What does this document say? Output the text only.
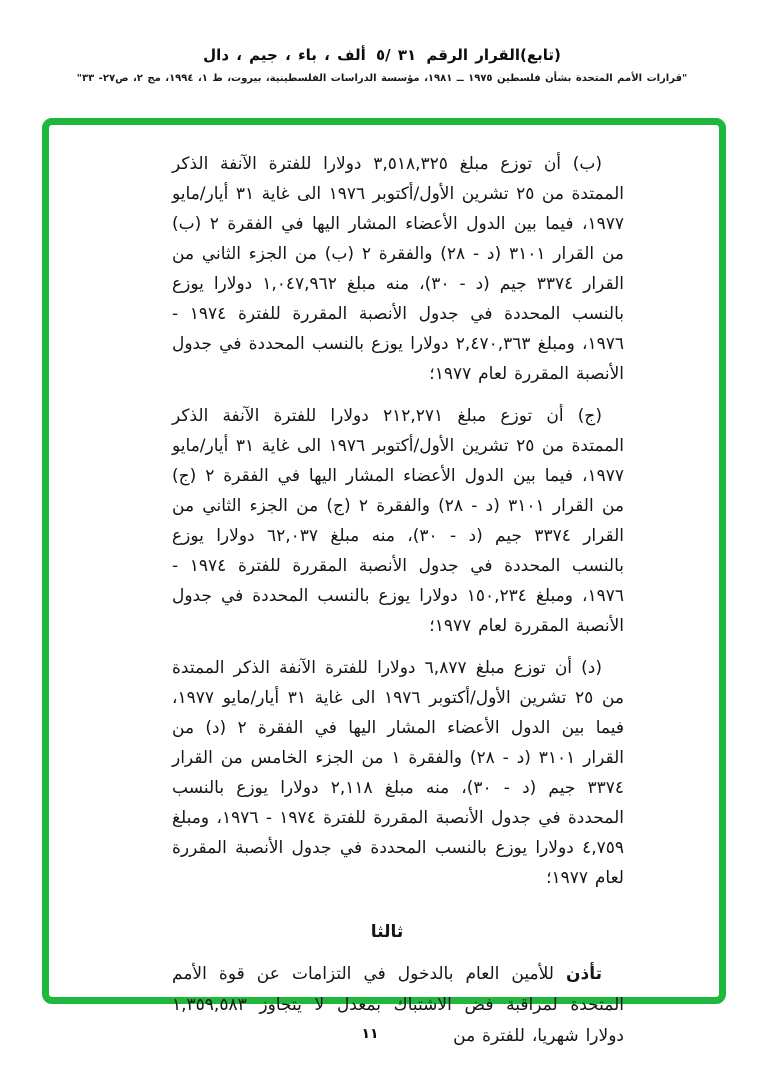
(تابع)القرار الرقم ٣١ /٥ ألف ، باء ، جيم ، دال
"قرارات الأمم المتحدة بشأن فلسطين ١٩٧٥ ــ ١٩٨١، مؤسسة الدراسات الفلسطينية، بيروت، ط ١، ١٩٩٤، مج ٢، ص٢٧- ٣٣"

(ب) أن توزع مبلغ ٣,٥١٨,٣٢٥ دولارا للفترة الآنفة الذكر الممتدة من ٢٥ تشرين الأول/أكتوبر ١٩٧٦ الى غاية ٣١ أيار/مايو ١٩٧٧، فيما بين الدول الأعضاء المشار اليها في الفقرة ٢ (ب) من القرار ٣١٠١ (د - ٢٨) والفقرة ٢ (ب) من الجزء الثاني من القرار ٣٣٧٤ جيم (د - ٣٠)، منه مبلغ ١,٠٤٧,٩٦٢ دولارا يوزع بالنسب المحددة في جدول الأنصبة المقررة للفترة ١٩٧٤ - ١٩٧٦، ومبلغ ٢,٤٧٠,٣٦٣ دولارا يوزع بالنسب المحددة في جدول الأنصبة المقررة لعام ١٩٧٧؛

(ج) أن توزع مبلغ ٢١٢,٢٧١ دولارا للفترة الآنفة الذكر الممتدة من ٢٥ تشرين الأول/أكتوبر ١٩٧٦ الى غاية ٣١ أيار/مايو ١٩٧٧، فيما بين الدول الأعضاء المشار اليها في الفقرة ٢ (ج) من القرار ٣١٠١ (د - ٢٨) والفقرة ٢ (ج) من الجزء الثاني من القرار ٣٣٧٤ جيم (د - ٣٠)، منه مبلغ ٦٢,٠٣٧ دولارا يوزع بالنسب المحددة في جدول الأنصبة المقررة للفترة ١٩٧٤ - ١٩٧٦، ومبلغ ١٥٠,٢٣٤ دولارا يوزع بالنسب المحددة في جدول الأنصبة المقررة لعام ١٩٧٧؛

(د) أن توزع مبلغ ٦,٨٧٧ دولارا للفترة الآنفة الذكر الممتدة من ٢٥ تشرين الأول/أكتوبر ١٩٧٦ الى غاية ٣١ أيار/مايو ١٩٧٧، فيما بين الدول الأعضاء المشار اليها في الفقرة ٢ (د) من القرار ٣١٠١ (د - ٢٨) والفقرة ١ من الجزء الخامس من القرار ٣٣٧٤ جيم (د - ٣٠)، منه مبلغ ٢,١١٨ دولارا يوزع بالنسب المحددة في جدول الأنصبة المقررة للفترة ١٩٧٤ - ١٩٧٦، ومبلغ ٤,٧٥٩ دولارا يوزع بالنسب المحددة في جدول الأنصبة المقررة لعام ١٩٧٧؛

ثالثا

تأذن للأمين العام بالدخول في التزامات عن قوة الأمم المتحدة لمراقبة فض الاشتباك بمعدل لا يتجاوز ١,٣٥٩,٥٨٣ دولارا شهريا، للفترة من

١١
